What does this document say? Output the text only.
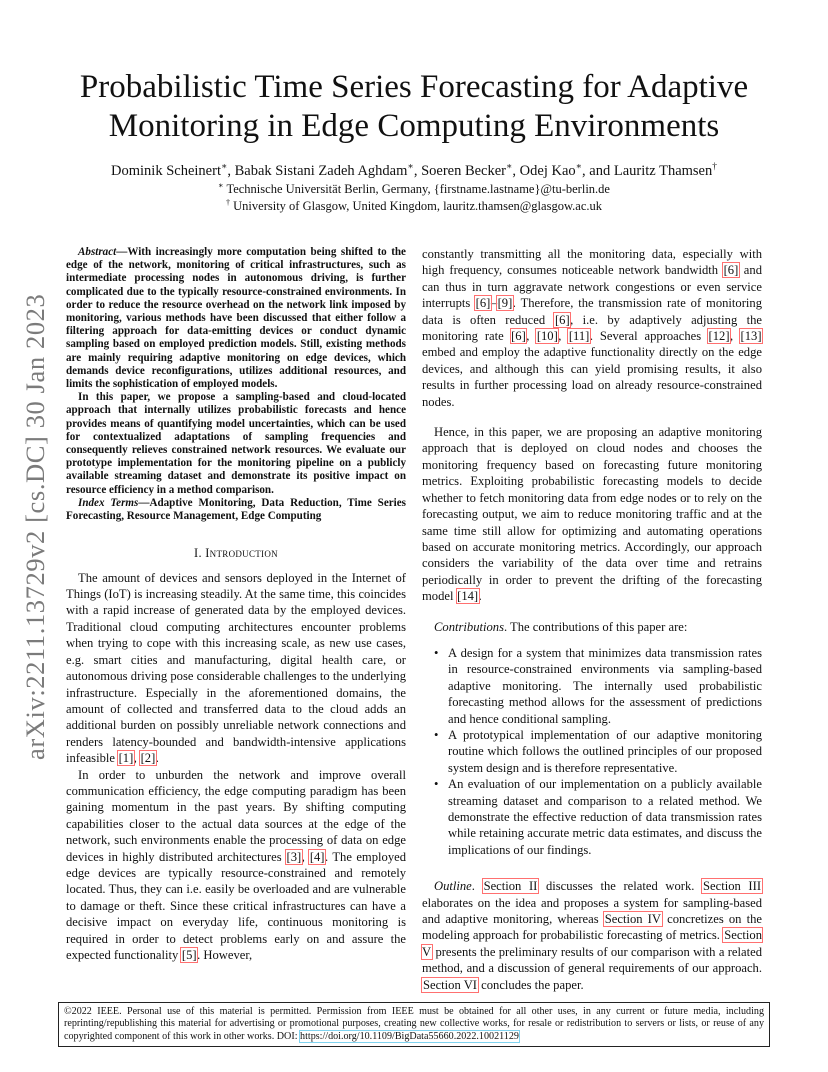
arXiv:2211.13729v2 [cs.DC] 30 Jan 2023
Probabilistic Time Series Forecasting for Adaptive
Monitoring in Edge Computing Environments
Dominik Scheinert∗, Babak Sistani Zadeh Aghdam∗, Soeren Becker∗, Odej Kao∗, and Lauritz Thamsen†
∗ Technische Universität Berlin, Germany, {firstname.lastname}@tu-berlin.de
† University of Glasgow, United Kingdom, lauritz.thamsen@glasgow.ac.uk

Abstract—With increasingly more computation being shifted to the edge of the network, monitoring of critical infrastructures, such as intermediate processing nodes in autonomous driving, is further complicated due to the typically resource-constrained environments. In order to reduce the resource overhead on the network link imposed by monitoring, various methods have been discussed that either follow a filtering approach for data-emitting devices or conduct dynamic sampling based on employed prediction models. Still, existing methods are mainly requiring adaptive monitoring on edge devices, which demands device reconfigurations, utilizes additional resources, and limits the sophistication of employed models.

In this paper, we propose a sampling-based and cloud-located approach that internally utilizes probabilistic forecasts and hence provides means of quantifying model uncertainties, which can be used for contextualized adaptations of sampling frequencies and consequently relieves constrained network resources. We evaluate our prototype implementation for the monitoring pipeline on a publicly available streaming dataset and demonstrate its positive impact on resource efficiency in a method comparison.

Index Terms—Adaptive Monitoring, Data Reduction, Time Series Forecasting, Resource Management, Edge Computing

I. Introduction

The amount of devices and sensors deployed in the Internet of Things (IoT) is increasing steadily. At the same time, this coincides with a rapid increase of generated data by the employed devices. Traditional cloud computing architectures encounter problems when trying to cope with this increasing scale, as new use cases, e.g. smart cities and manufacturing, digital health care, or autonomous driving pose considerable challenges to the underlying infrastructure. Especially in the aforementioned domains, the amount of collected and transferred data to the cloud adds an additional burden on possibly unreliable network connections and renders latency-bounded and bandwidth-intensive applications infeasible [1], [2].

In order to unburden the network and improve overall communication efficiency, the edge computing paradigm has been gaining momentum in the past years. By shifting computing capabilities closer to the actual data sources at the edge of the network, such environments enable the processing of data on edge devices in highly distributed architectures [3], [4]. The employed edge devices are typically resource-constrained and remotely located. Thus, they can i.e. easily be overloaded and are vulnerable to damage or theft. Since these critical infrastructures can have a decisive impact on everyday life, continuous monitoring is required in order to detect problems early on and assure the expected functionality [5]. However,

constantly transmitting all the monitoring data, especially with high frequency, consumes noticeable network bandwidth [6] and can thus in turn aggravate network congestions or even service interrupts [6]–[9]. Therefore, the transmission rate of monitoring data is often reduced [6], i.e. by adaptively adjusting the monitoring rate [6], [10], [11]. Several approaches [12], [13] embed and employ the adaptive functionality directly on the edge devices, and although this can yield promising results, it also results in further processing load on already resource-constrained nodes.

Hence, in this paper, we are proposing an adaptive monitoring approach that is deployed on cloud nodes and chooses the monitoring frequency based on forecasting future monitoring metrics. Exploiting probabilistic forecasting models to decide whether to fetch monitoring data from edge nodes or to rely on the forecasting output, we aim to reduce monitoring traffic and at the same time still allow for optimizing and automating operations based on accurate monitoring metrics. Accordingly, our approach considers the variability of the data over time and retrains periodically in order to prevent the drifting of the forecasting model [14].

Contributions. The contributions of this paper are:

• A design for a system that minimizes data transmission rates in resource-constrained environments via sampling-based adaptive monitoring. The internally used probabilistic forecasting method allows for the assessment of predictions and hence conditional sampling.
• A prototypical implementation of our adaptive monitoring routine which follows the outlined principles of our proposed system design and is therefore representative.
• An evaluation of our implementation on a publicly available streaming dataset and comparison to a related method. We demonstrate the effective reduction of data transmission rates while retaining accurate metric data estimates, and discuss the implications of our findings.

Outline. Section II discusses the related work. Section III elaborates on the idea and proposes a system for sampling-based and adaptive monitoring, whereas Section IV concretizes on the modeling approach for probabilistic forecasting of metrics. Section V presents the preliminary results of our comparison with a related method, and a discussion of general requirements of our approach. Section VI concludes the paper.

©2022 IEEE. Personal use of this material is permitted. Permission from IEEE must be obtained for all other uses, in any current or future media, including reprinting/republishing this material for advertising or promotional purposes, creating new collective works, for resale or redistribution to servers or lists, or reuse of any copyrighted component of this work in other works. DOI: https://doi.org/10.1109/BigData55660.2022.10021129
